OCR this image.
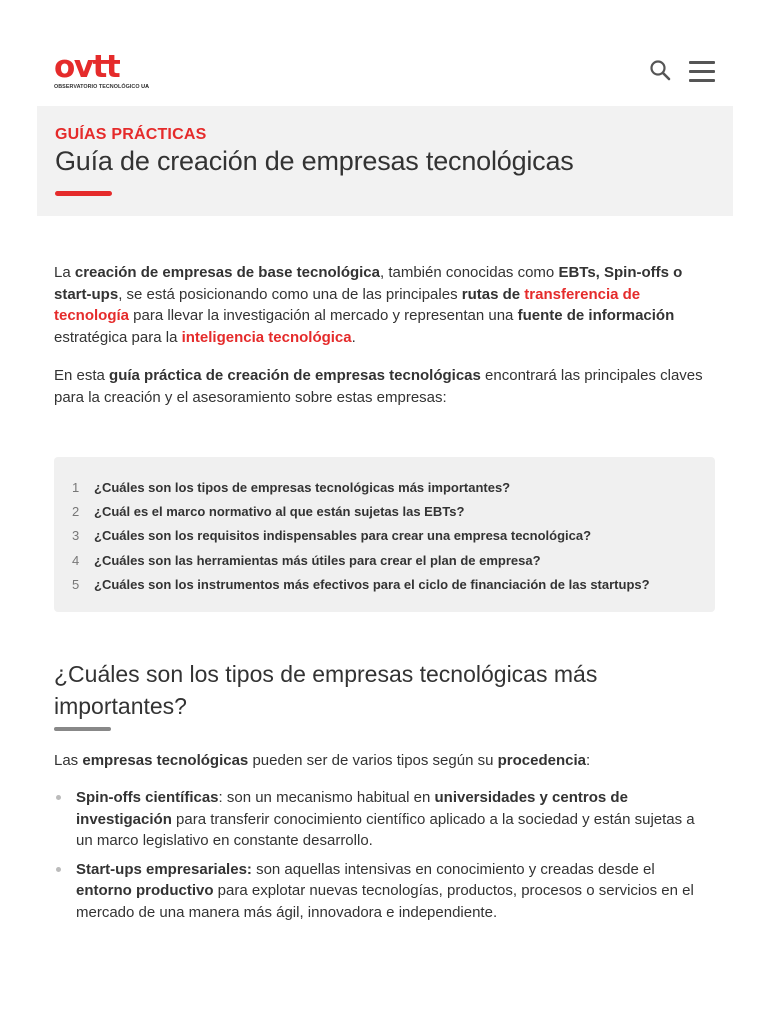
ovtt
OBSERVATORIO TECNOLÓGICO UA
GUÍAS PRÁCTICAS
Guía de creación de empresas tecnológicas

La creación de empresas de base tecnológica, también conocidas como EBTs, Spin-offs o start-ups, se está posicionando como una de las principales rutas de transferencia de tecnología para llevar la investigación al mercado y representan una fuente de información estratégica para la inteligencia tecnológica.

En esta guía práctica de creación de empresas tecnológicas encontrará las principales claves para la creación y el asesoramiento sobre estas empresas:

1	¿Cuáles son los tipos de empresas tecnológicas más importantes?
2	¿Cuál es el marco normativo al que están sujetas las EBTs?
3	¿Cuáles son los requisitos indispensables para crear una empresa tecnológica?
4	¿Cuáles son las herramientas más útiles para crear el plan de empresa?
5	¿Cuáles son los instrumentos más efectivos para el ciclo de financiación de las startups?
¿Cuáles son los tipos de empresas tecnológicas más importantes?

Las empresas tecnológicas pueden ser de varios tipos según su procedencia:

Spin-offs científicas: son un mecanismo habitual en universidades y centros de investigación para transferir conocimiento científico aplicado a la sociedad y están sujetas a un marco legislativo en constante desarrollo.
Start-ups empresariales: son aquellas intensivas en conocimiento y creadas desde el entorno productivo para explotar nuevas tecnologías, productos, procesos o servicios en el mercado de una manera más ágil, innovadora e independiente.
